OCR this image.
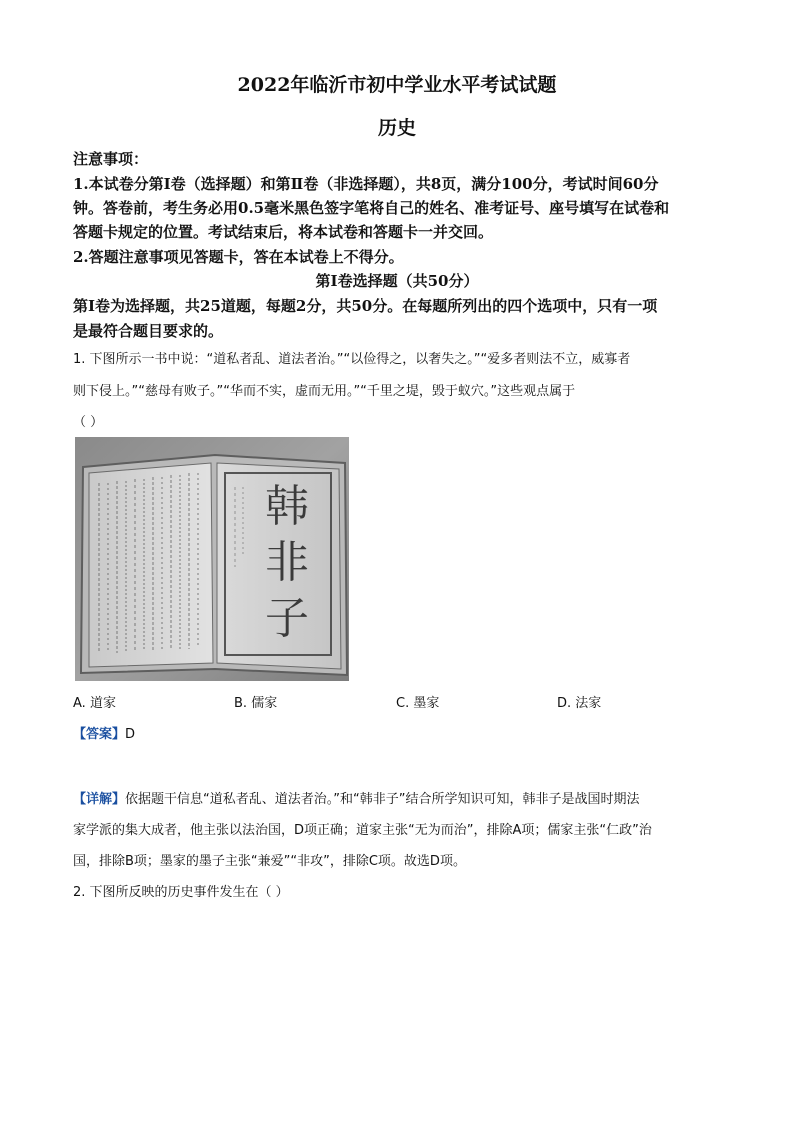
2022年临沂市初中学业水平考试试题
历史
注意事项：
1.本试卷分第Ⅰ卷（选择题）和第Ⅱ卷（非选择题），共8页，满分100分，考试时间60分
钟。答卷前，考生务必用0.5毫米黑色签字笔将自己的姓名、准考证号、座号填写在试卷和
答题卡规定的位置。考试结束后，将本试卷和答题卡一并交回。
2.答题注意事项见答题卡，答在本试卷上不得分。
第Ⅰ卷选择题（共50分）
第Ⅰ卷为选择题，共25道题，每题2分，共50分。在每题所列出的四个选项中，只有一项
是最符合题目要求的。
1. 下图所示一书中说：“道私者乱、道法者治。”“以俭得之，以奢失之。”“爱多者则法不立，威寡者
则下侵上。”“慈母有败子。”“华而不实，虚而无用。”“千里之堤，毁于蚁穴。”这些观点属于
（ ）
韩
非
子
A. 道家	B. 儒家	C. 墨家	D. 法家
【答案】D
【详解】依据题干信息“道私者乱、道法者治。”和“韩非子”结合所学知识可知，韩非子是战国时期法
家学派的集大成者，他主张以法治国，D项正确；道家主张“无为而治”，排除A项；儒家主张“仁政”治
国，排除B项；墨家的墨子主张“兼爱”“非攻”，排除C项。故选D项。
2. 下图所反映的历史事件发生在（ ）
